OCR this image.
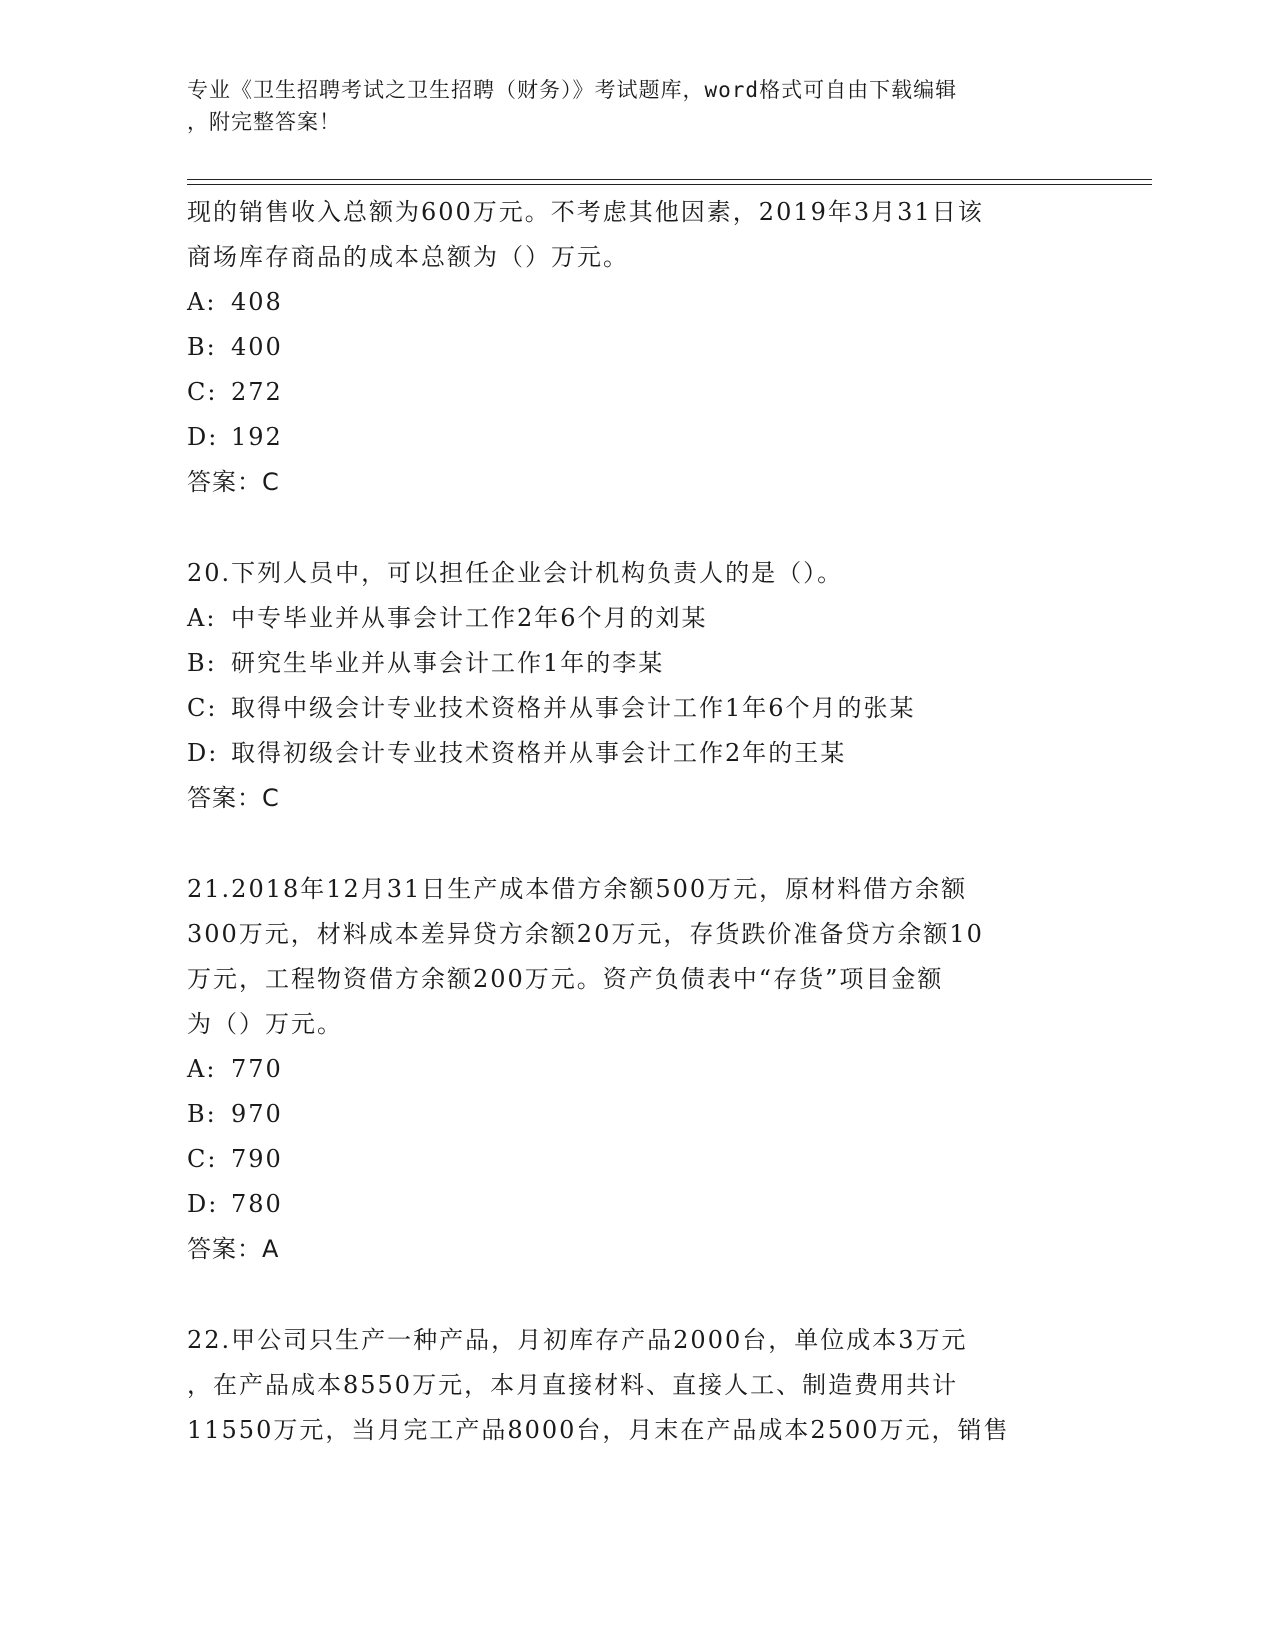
专业《卫生招聘考试之卫生招聘（财务）》考试题库，word格式可自由下载编辑
，附完整答案！
现的销售收入总额为600万元。不考虑其他因素，2019年3月31日该
商场库存商品的成本总额为（）万元。
A: 408
B: 400
C: 272
D: 192
答案：C
20.下列人员中，可以担任企业会计机构负责人的是（）。
A: 中专毕业并从事会计工作2年6个月的刘某
B: 研究生毕业并从事会计工作1年的李某
C: 取得中级会计专业技术资格并从事会计工作1年6个月的张某
D: 取得初级会计专业技术资格并从事会计工作2年的王某
答案：C
21.2018年12月31日生产成本借方余额500万元，原材料借方余额
300万元，材料成本差异贷方余额20万元，存货跌价准备贷方余额10
万元，工程物资借方余额200万元。资产负债表中“存货”项目金额
为（）万元。
A: 770
B: 970
C: 790
D: 780
答案：A
22.甲公司只生产一种产品，月初库存产品2000台，单位成本3万元
，在产品成本8550万元，本月直接材料、直接人工、制造费用共计
11550万元，当月完工产品8000台，月末在产品成本2500万元，销售
